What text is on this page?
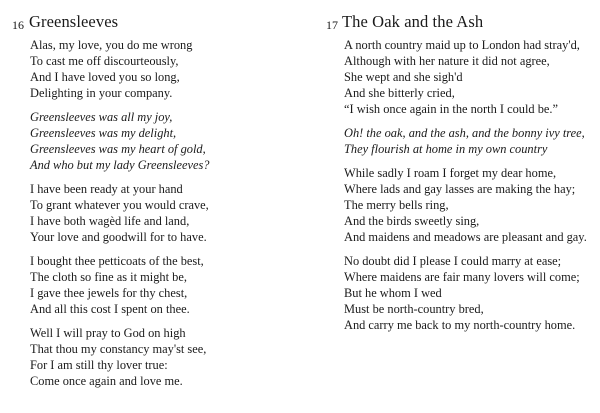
16 Greensleeves
Alas, my love, you do me wrong
To cast me off discourteously,
And I have loved you so long,
Delighting in your company.
Greensleeves was all my joy,
Greensleeves was my delight,
Greensleeves was my heart of gold,
And who but my lady Greensleeves?
I have been ready at your hand
To grant whatever you would crave,
I have both wagèd life and land,
Your love and goodwill for to have.
I bought thee petticoats of the best,
The cloth so fine as it might be,
I gave thee jewels for thy chest,
And all this cost I spent on thee.
Well I will pray to God on high
That thou my constancy may'st see,
For I am still thy lover true:
Come once again and love me.
17 The Oak and the Ash
A north country maid up to London had stray'd,
Although with her nature it did not agree,
She wept and she sigh'd
And she bitterly cried,
“I wish once again in the north I could be.”
Oh! the oak, and the ash, and the bonny ivy tree,
They flourish at home in my own country
While sadly I roam I forget my dear home,
Where lads and gay lasses are making the hay;
The merry bells ring,
And the birds sweetly sing,
And maidens and meadows are pleasant and gay.
No doubt did I please I could marry at ease;
Where maidens are fair many lovers will come;
But he whom I wed
Must be north-country bred,
And carry me back to my north-country home.
